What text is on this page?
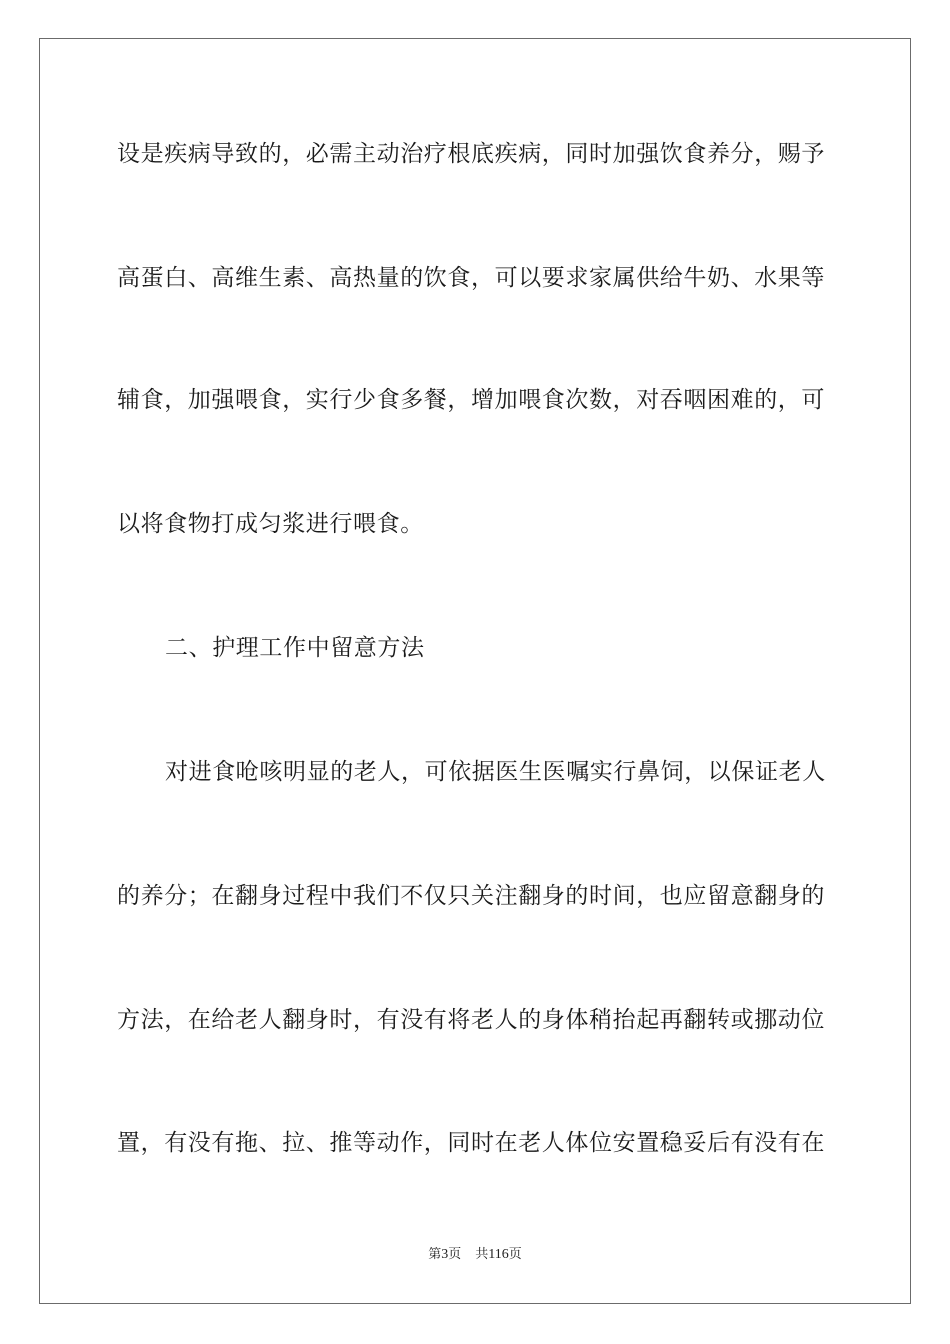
设是疾病导致的，必需主动治疗根底疾病，同时加强饮食养分，赐予
高蛋白、高维生素、高热量的饮食，可以要求家属供给牛奶、水果等
辅食，加强喂食，实行少食多餐，增加喂食次数，对吞咽困难的，可
以将食物打成匀浆进行喂食。
二、护理工作中留意方法
对进食呛咳明显的老人，可依据医生医嘱实行鼻饲，以保证老人
的养分；在翻身过程中我们不仅只关注翻身的时间，也应留意翻身的
方法，在给老人翻身时，有没有将老人的身体稍抬起再翻转或挪动位
置，有没有拖、拉、推等动作，同时在老人体位安置稳妥后有没有在
第3页 共116页
